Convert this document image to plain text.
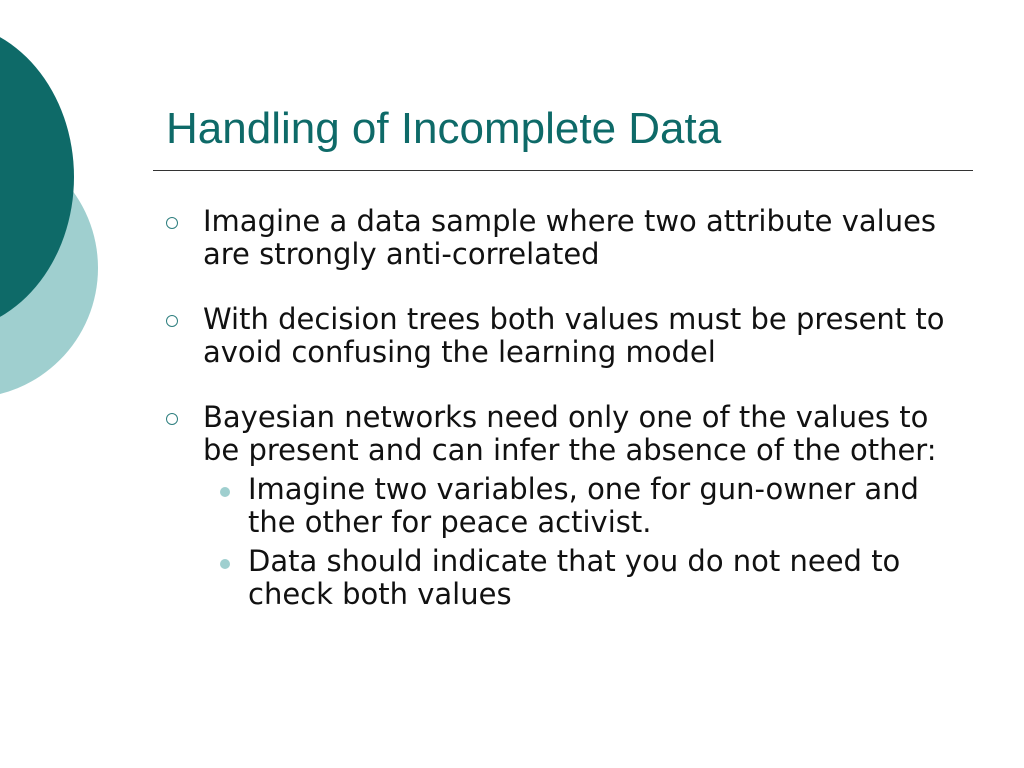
Handling of Incomplete Data
Imagine a data sample where two attribute values are strongly anti-correlated
With decision trees both values must be present to avoid confusing the learning model
Bayesian networks need only one of the values to be present and can infer the absence of the other:
Imagine two variables, one for gun-owner and the other for peace activist.
Data should indicate that you do not need to check both values
